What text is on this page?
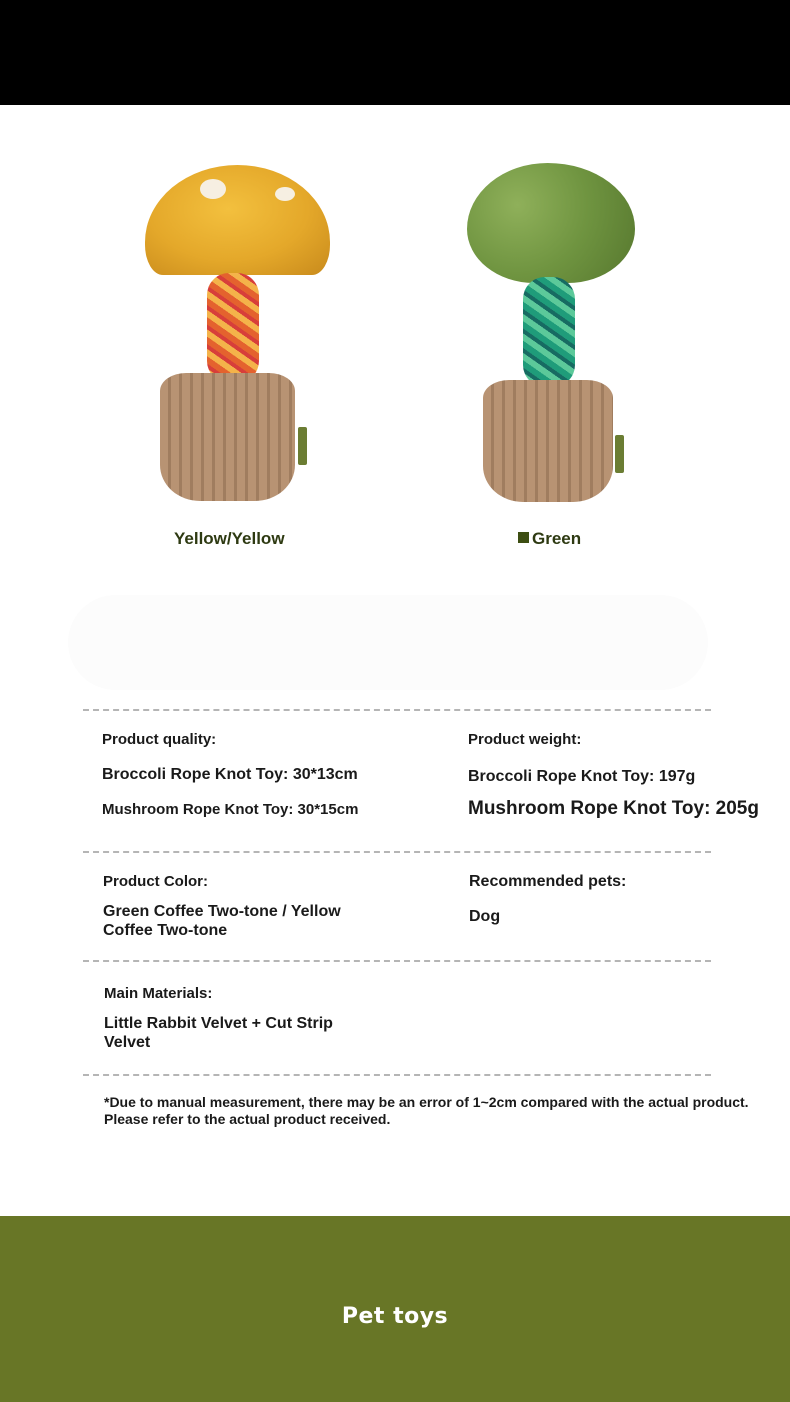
Yellow/Yellow	Green
Product quality:
Broccoli Rope Knot Toy: 30*13cm
Mushroom Rope Knot Toy: 30*15cm
Product weight:
Broccoli Rope Knot Toy: 197g
Mushroom Rope Knot Toy: 205g
Product Color:
Green Coffee Two-tone / Yellow Coffee Two-tone
Recommended pets:
Dog
Main Materials:
Little Rabbit Velvet + Cut Strip Velvet
*Due to manual measurement, there may be an error of 1~2cm compared with the actual product.
Please refer to the actual product received.
Pet toys
